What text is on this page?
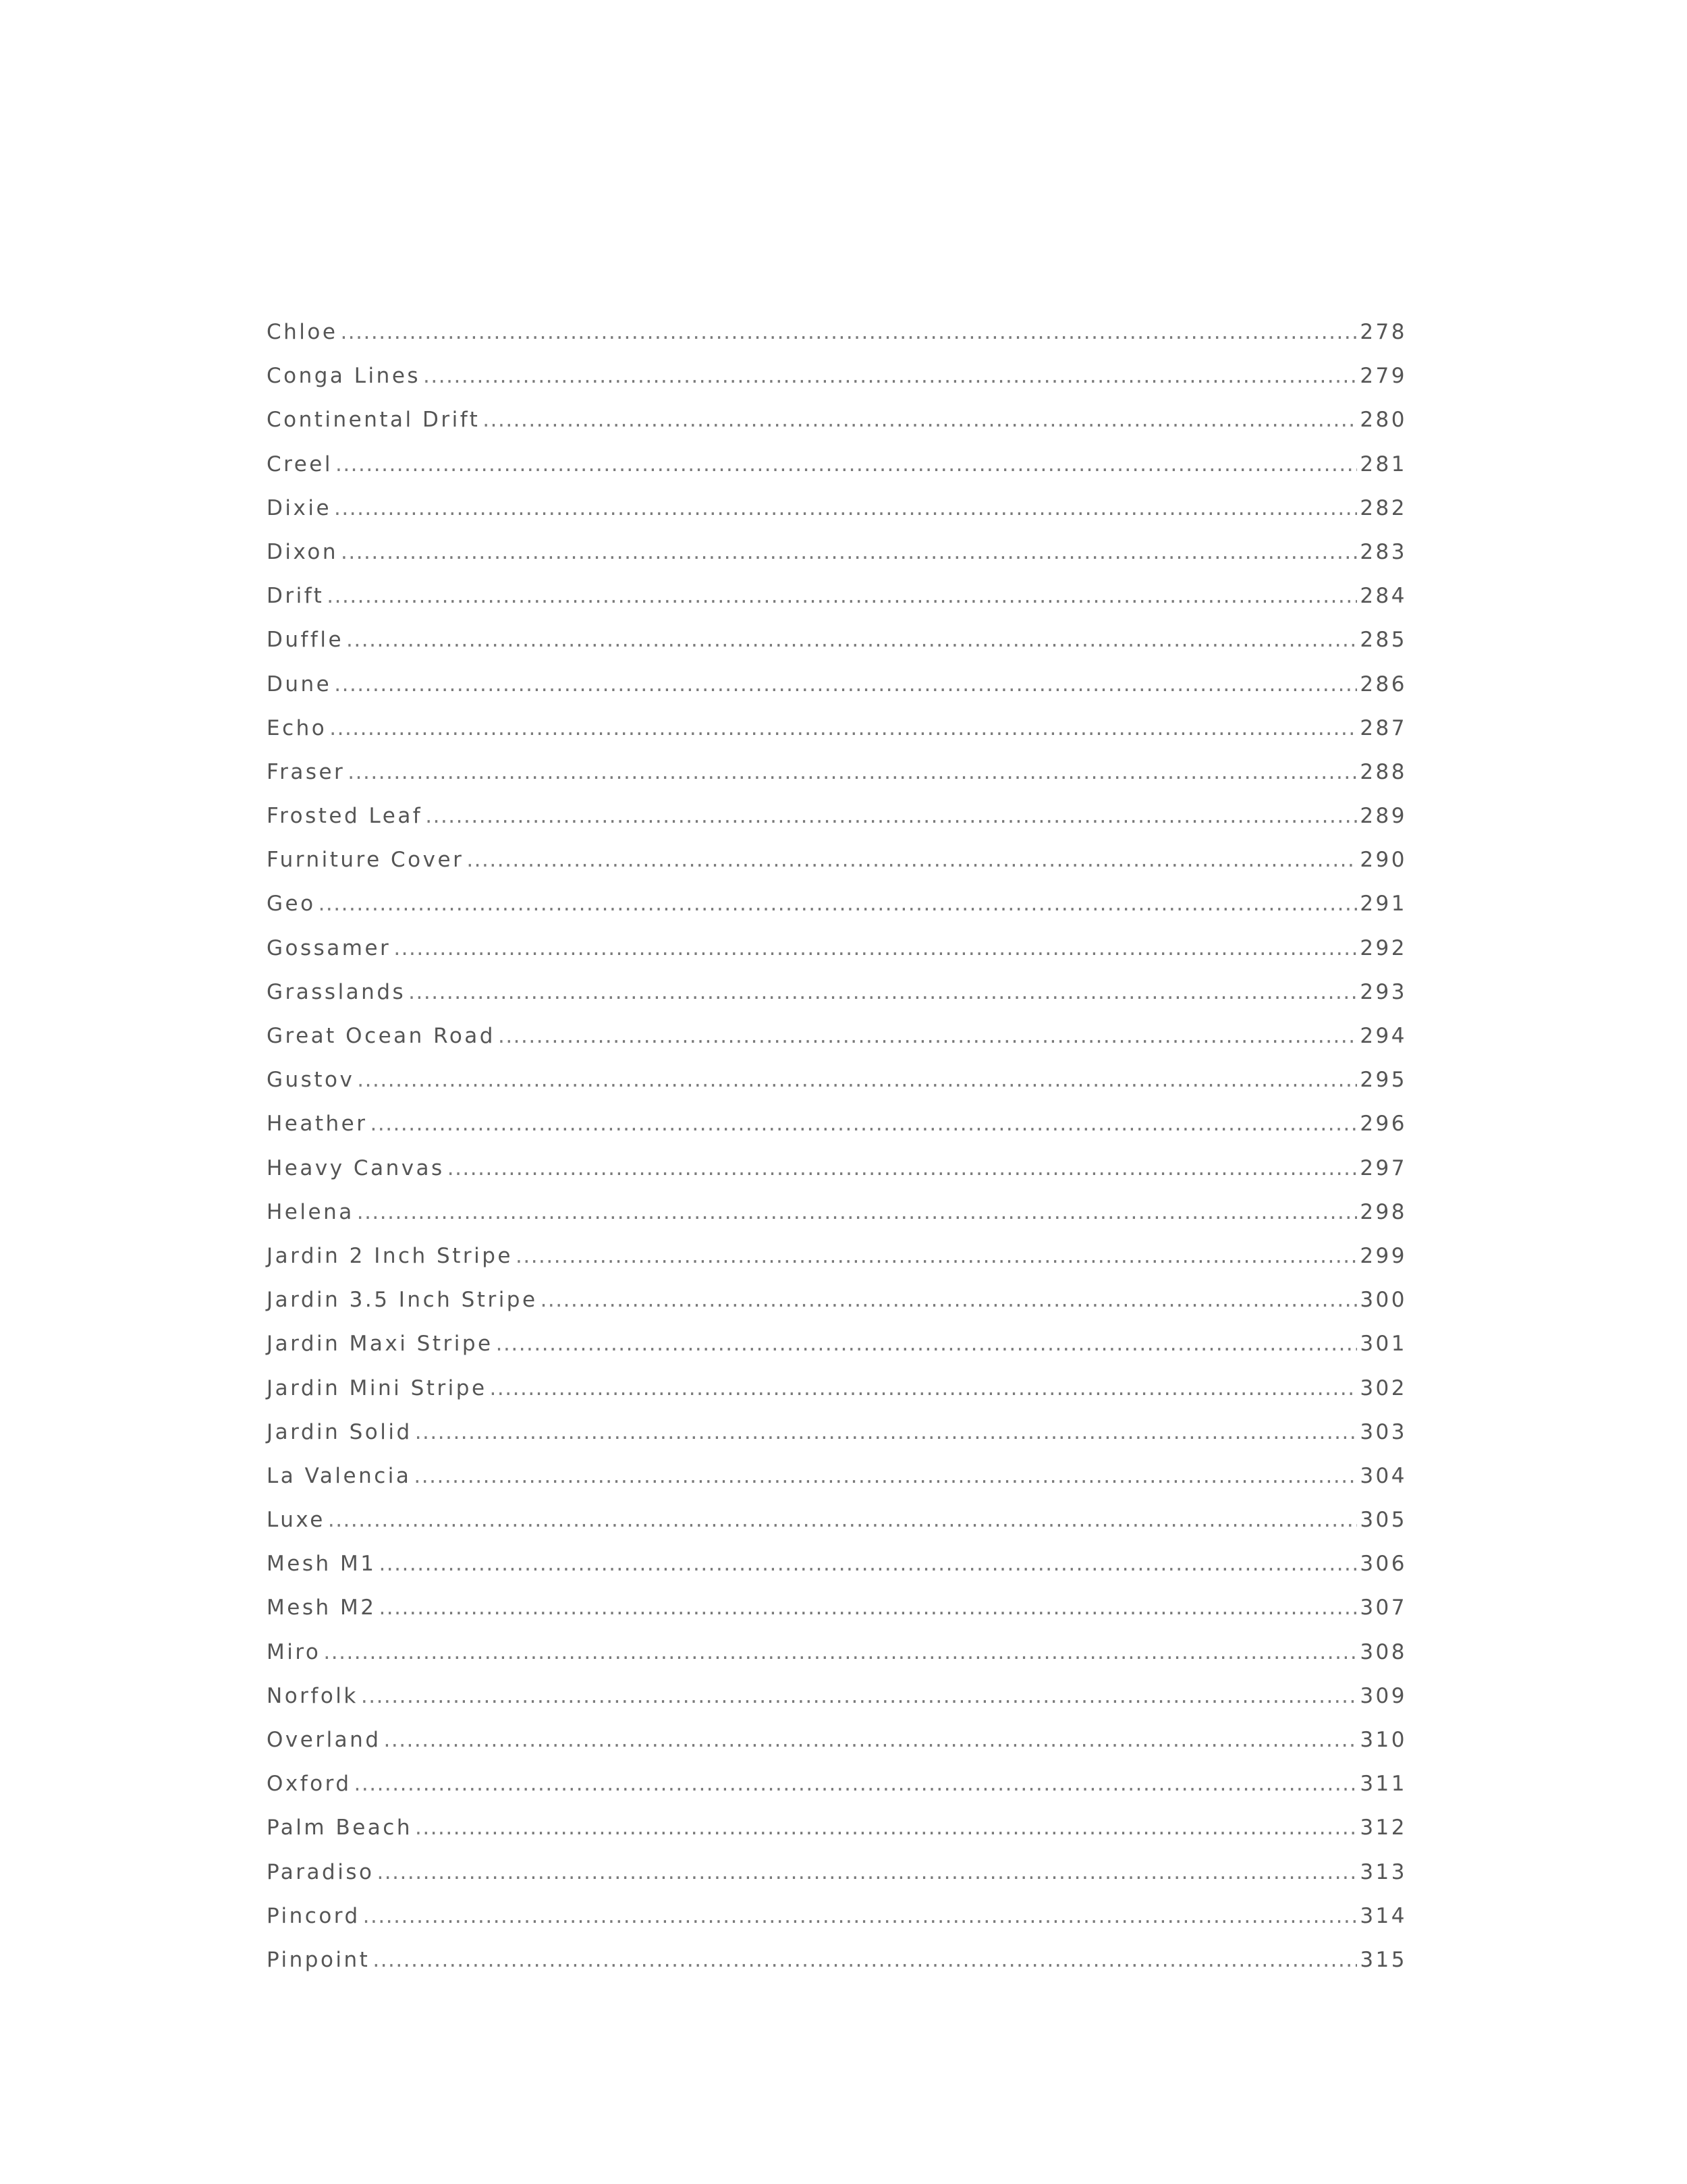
Chloe .....	278
Conga Lines .....	279
Continental Drift .....	280
Creel .....	281
Dixie .....	282
Dixon .....	283
Drift .....	284
Duffle .....	285
Dune .....	286
Echo .....	287
Fraser .....	288
Frosted Leaf .....	289
Furniture Cover .....	290
Geo .....	291
Gossamer .....	292
Grasslands .....	293
Great Ocean Road .....	294
Gustov .....	295
Heather .....	296
Heavy Canvas .....	297
Helena .....	298
Jardin 2 Inch Stripe .....	299
Jardin 3.5 Inch Stripe .....	300
Jardin Maxi Stripe .....	301
Jardin Mini Stripe .....	302
Jardin Solid .....	303
La Valencia .....	304
Luxe .....	305
Mesh M1 .....	306
Mesh M2 .....	307
Miro .....	308
Norfolk .....	309
Overland .....	310
Oxford .....	311
Palm Beach .....	312
Paradiso .....	313
Pincord .....	314
Pinpoint .....	315
